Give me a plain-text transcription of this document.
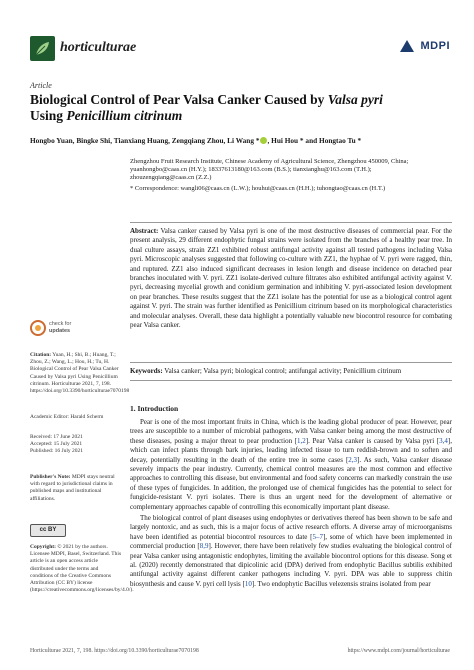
horticulturae	MDPI
Article
Biological Control of Pear Valsa Canker Caused by Valsa pyri
Using Penicillium citrinum
Hongbo Yuan, Bingke Shi, Tianxiang Huang, Zengqiang Zhou, Li Wang * , Hui Hou * and Hongtao Tu *

Zhengzhou Fruit Research Institute, Chinese Academy of Agricultural Science, Zhengzhou 450009, China;

yuanhongbo@caas.cn (H.Y.); 18337613180@163.com (B.S.); tianxianghu@163.com (T.H.);

zhouzengqiang@caas.cn (Z.Z.)

* Correspondence: wangli06@caas.cn (L.W.); houhui@caas.cn (H.H.); tuhongtao@caas.cn (H.T.)

Abstract: Valsa canker caused by Valsa pyri is one of the most destructive diseases of commercial pear. For the present analysis, 29 different endophytic fungal strains were isolated from the branches of a healthy pear tree. In dual culture assays, strain ZZ1 exhibited robust antifungal activity against all tested pathogens including Valsa pyri. Microscopic analyses suggested that following co-culture with ZZ1, the hyphae of V. pyri were ragged, thin, and ruptured. ZZ1 also induced significant decreases in lesion length and disease incidence on detached pear branches inoculated with V. pyri. ZZ1 isolate-derived culture filtrates also exhibited antifungal activity against V. pyri, decreasing mycelial growth and conidium germination and inhibiting V. pyri-associated lesion development on pear branches. These results suggest that the ZZ1 isolate has the potential for use as a biological control agent against V. pyri. The strain was further identified as Penicillium citrinum based on its morphological characteristics and molecular analyses. Overall, these data highlight a potentially valuable new biocontrol resource for combating pear Valsa canker.
Keywords: Valsa canker; Valsa pyri; biological control; antifungal activity; Penicillium citrinum
1. Introduction
Pear is one of the most important fruits in China, which is the leading global producer of pear. However, pear trees are susceptible to a number of microbial pathogens, with Valsa canker being among the most destructive of these diseases, posing a major threat to pear production [1,2]. Pear Valsa canker is caused by Valsa pyri [3,4], which can infect plants through bark injuries, leading infected tissue to turn reddish-brown and to soften and decay, potentially resulting in the death of the entire tree in some cases [2,3]. As such, Valsa canker disease severely impacts the pear industry. Currently, chemical control measures are the most common and effective approaches to controlling this disease, but environmental and food safety concerns can markedly constrain the use of these types of fungicides. In addition, the prolonged use of chemical fungicides has the potential to select for fungicide-resistant V. pyri isolates. There is thus an urgent need for the development of alternative or complementary approaches capable of controlling this economically important plant disease.
The biological control of plant diseases using endophytes or derivatives thereof has been shown to be safe and largely nontoxic, and as such, this is a major focus of active research efforts. A diverse array of microorganisms have been identified as potential biocontrol resources to date [5–7], some of which have been implemented in commercial production [8,9]. However, there have been relatively few studies evaluating the biological control of pear Valsa canker using antagonistic endophytes, limiting the available biocontrol options for this disease. Song et al. (2020) recently demonstrated that dipicolinic acid (DPA) derived from endophytic Bacillus subtilis exhibited antifungal activity against different canker pathogens including V. pyri. DPA was able to suppress chitin biosynthesis and cause V. pyri cell lysis [10]. Two endophytic Bacillus velezensis strains isolated from pear
check for
updates
Citation: Yuan, H.; Shi, B.; Huang, T.; Zhou, Z.; Wang, L.; Hou, H.; Tu, H. Biological Control of Pear Valsa Canker Caused by Valsa pyri Using Penicillium citrinum. Horticulturae 2021, 7, 198. https://doi.org/10.3390/horticulturae7070198
Academic Editor: Harald Scherm
Received: 17 June 2021
Accepted: 15 July 2021
Published: 16 July 2021
Publisher's Note: MDPI stays neutral with regard to jurisdictional claims in published maps and institutional affiliations.
cc BY
Copyright: © 2021 by the authors. Licensee MDPI, Basel, Switzerland. This article is an open access article distributed under the terms and conditions of the Creative Commons Attribution (CC BY) license (https://creativecommons.org/licenses/by/4.0/).
Horticulturae 2021, 7, 198. https://doi.org/10.3390/horticulturae7070198	https://www.mdpi.com/journal/horticulturae
